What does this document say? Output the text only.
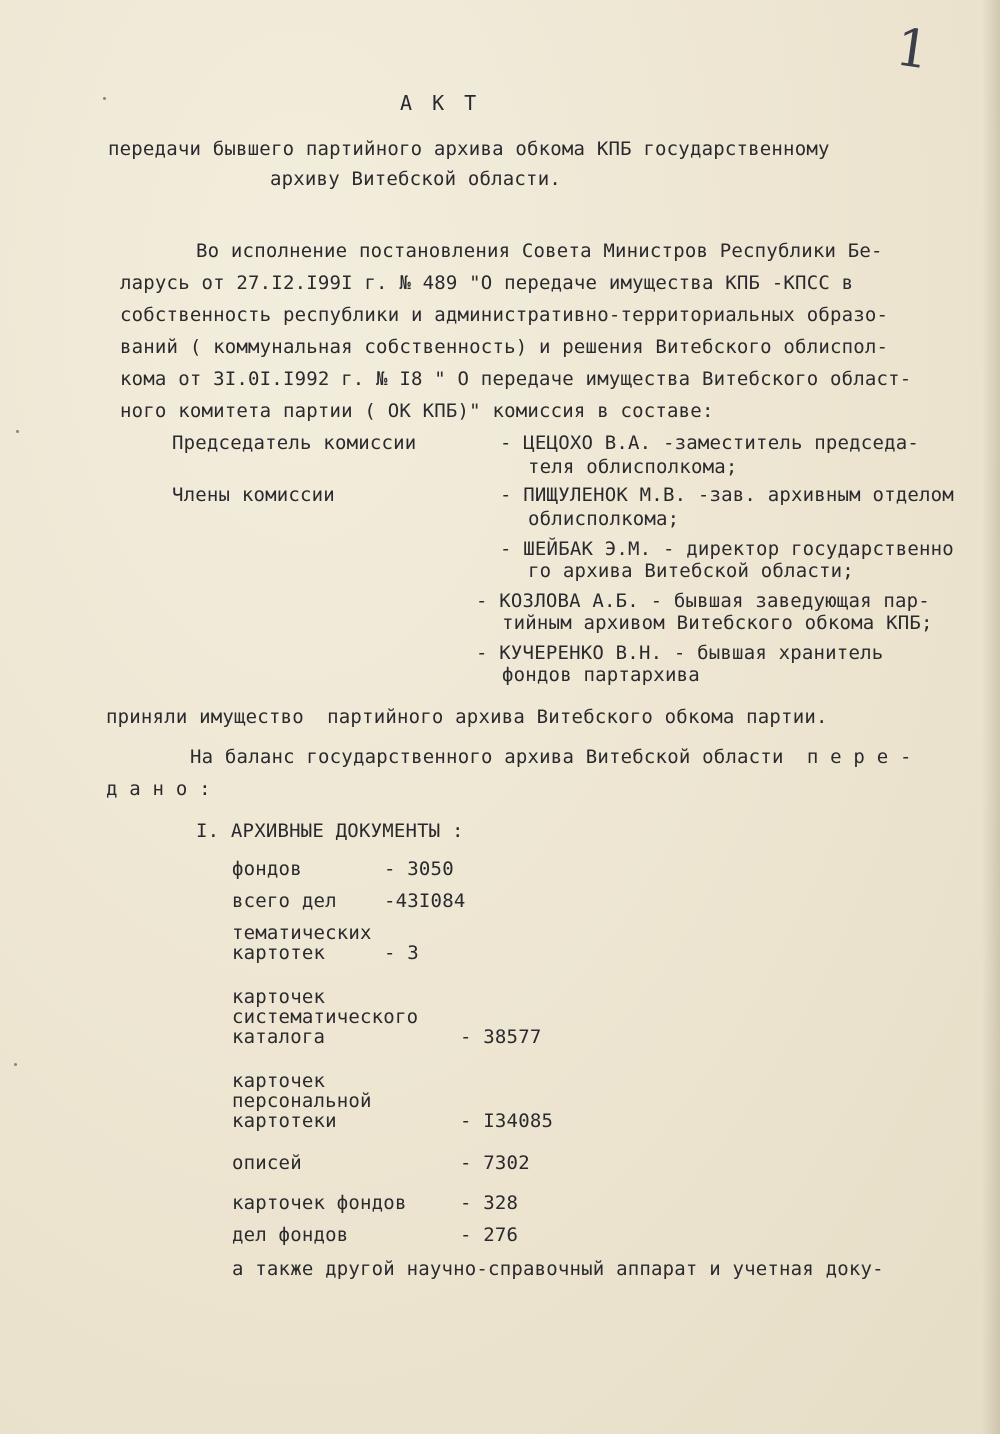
1
А К Т
передачи бывшего партийного архива обкома КПБ государственному
архиву Витебской области.
Во исполнение постановления Совета Министров Республики Бе-
ларусь от 27.I2.I99I г. № 489 "О передаче имущества КПБ -КПСС в
собственность республики и административно-территориальных образо-
ваний ( коммунальная собственность) и решения Витебского облиспол-
кома от 3I.0I.I992 г. № I8 " О передаче имущества Витебского област-
ного комитета партии ( ОК КПБ)" комиссия в составе:
Председатель комиссии	- ЦЕЦОХО В.А. -заместитель председа-
теля облисполкома;
Члены комиссии	- ПИЩУЛЕНОК М.В. -зав. архивным отделом
облисполкома;
- ШЕЙБАК Э.М. - директор государственно
го архива Витебской области;
- КОЗЛОВА А.Б. - бывшая заведующая пар-
тийным архивом Витебского обкома КПБ;
- КУЧЕРЕНКО В.Н. - бывшая хранитель
фондов партархива
приняли имущество  партийного архива Витебского обкома партии.
На баланс государственного архива Витебской области  п е р е -
д а н о :
I. АРХИВНЫЕ ДОКУМЕНТЫ :
фондов	- 3050
всего дел -43I084
тематических
картотек	- 3
карточек
систематического
каталога	- 38577
карточек
персональной
картотеки	- I34085
описей	- 7302
карточек фондов	- 328
дел фондов	- 276
а также другой научно-справочный аппарат и учетная доку-
